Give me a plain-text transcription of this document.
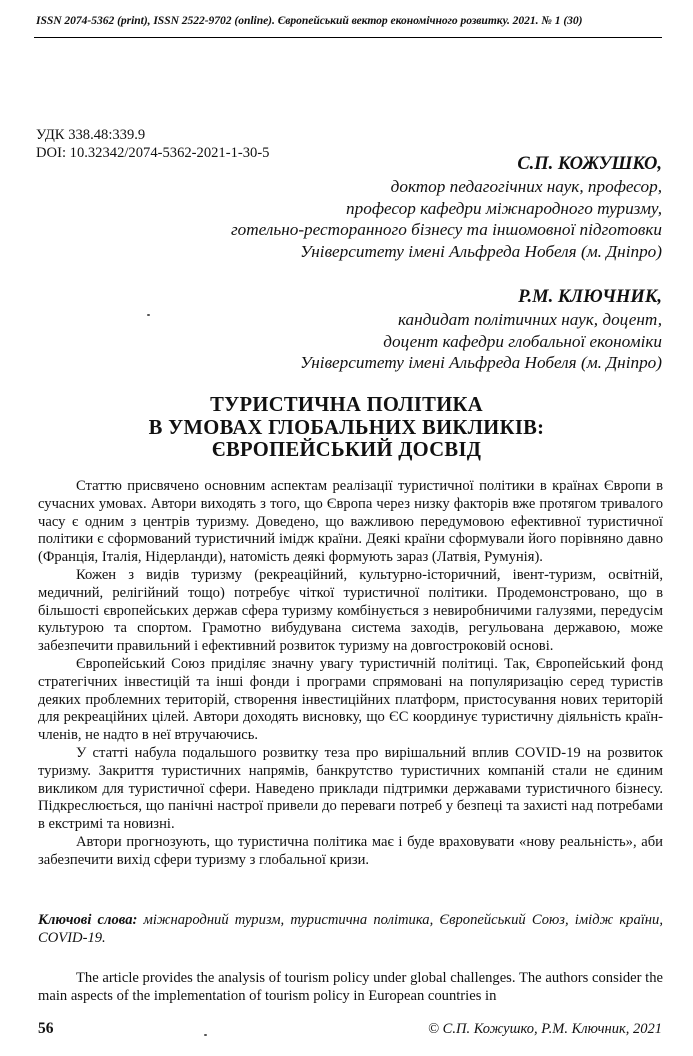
ISSN 2074-5362 (print), ISSN 2522-9702 (online). Європейський вектор економічного розвитку. 2021. № 1 (30)
УДК 338.48:339.9
DOI: 10.32342/2074-5362-2021-1-30-5
С.П. КОЖУШКО,
доктор педагогічних наук, професор,
професор кафедри міжнародного туризму,
готельно-ресторанного бізнесу та іншомовної підготовки
Університету імені Альфреда Нобеля (м. Дніпро)
Р.М. КЛЮЧНИК,
кандидат політичних наук, доцент,
доцент кафедри глобальної економіки
Університету імені Альфреда Нобеля (м. Дніпро)
ТУРИСТИЧНА ПОЛІТИКА
В УМОВАХ ГЛОБАЛЬНИХ ВИКЛИКІВ:
ЄВРОПЕЙСЬКИЙ ДОСВІД

Статтю присвячено основним аспектам реалізації туристичної політики в країнах Європи в сучасних умовах. Автори виходять з того, що Європа через низку факторів вже протягом тривалого часу є одним з центрів туризму. Доведено, що важливою передумовою ефективної туристичної політики є сформований туристичний імідж країни. Деякі країни сформували його порівняно давно (Франція, Італія, Нідерланди), натомість деякі формують зараз (Латвія, Румунія).

Кожен з видів туризму (рекреаційний, культурно-історичний, івент-туризм, освітній, медичний, релігійний тощо) потребує чіткої туристичної політики. Продемонстровано, що в більшості європейських держав сфера туризму комбінується з невиробничими галузями, передусім культурою та спортом. Грамотно вибудувана система заходів, регульована державою, може забезпечити правильний і ефективний розвиток туризму на довгостроковій основі.

Європейський Союз приділяє значну увагу туристичній політиці. Так, Європейський фонд стратегічних інвестицій та інші фонди і програми спрямовані на популяризацію серед туристів деяких проблемних територій, створення інвестиційних платформ, пристосування нових територій для рекреаційних цілей. Автори доходять висновку, що ЄС координує туристичну діяльність країн-членів, не надто в неї втручаючись.

У статті набула подальшого розвитку теза про вирішальний вплив COVID-19 на розвиток туризму. Закриття туристичних напрямів, банкрутство туристичних компаній стали не єдиним викликом для туристичної сфери. Наведено приклади підтримки державами туристичного бізнесу. Підкреслюється, що панічні настрої привели до переваги потреб у безпеці та захисті над потребами в екстримі та новизні.

Автори прогнозують, що туристична політика має і буде враховувати «нову реальність», аби забезпечити вихід сфери туризму з глобальної кризи.

Ключові слова: міжнародний туризм, туристична політика, Європейський Союз, імідж країни, COVID-19.

The article provides the analysis of tourism policy under global challenges. The authors consider the main aspects of the implementation of tourism policy in European countries in

56	© С.П. Кожушко, Р.М. Ключник, 2021
